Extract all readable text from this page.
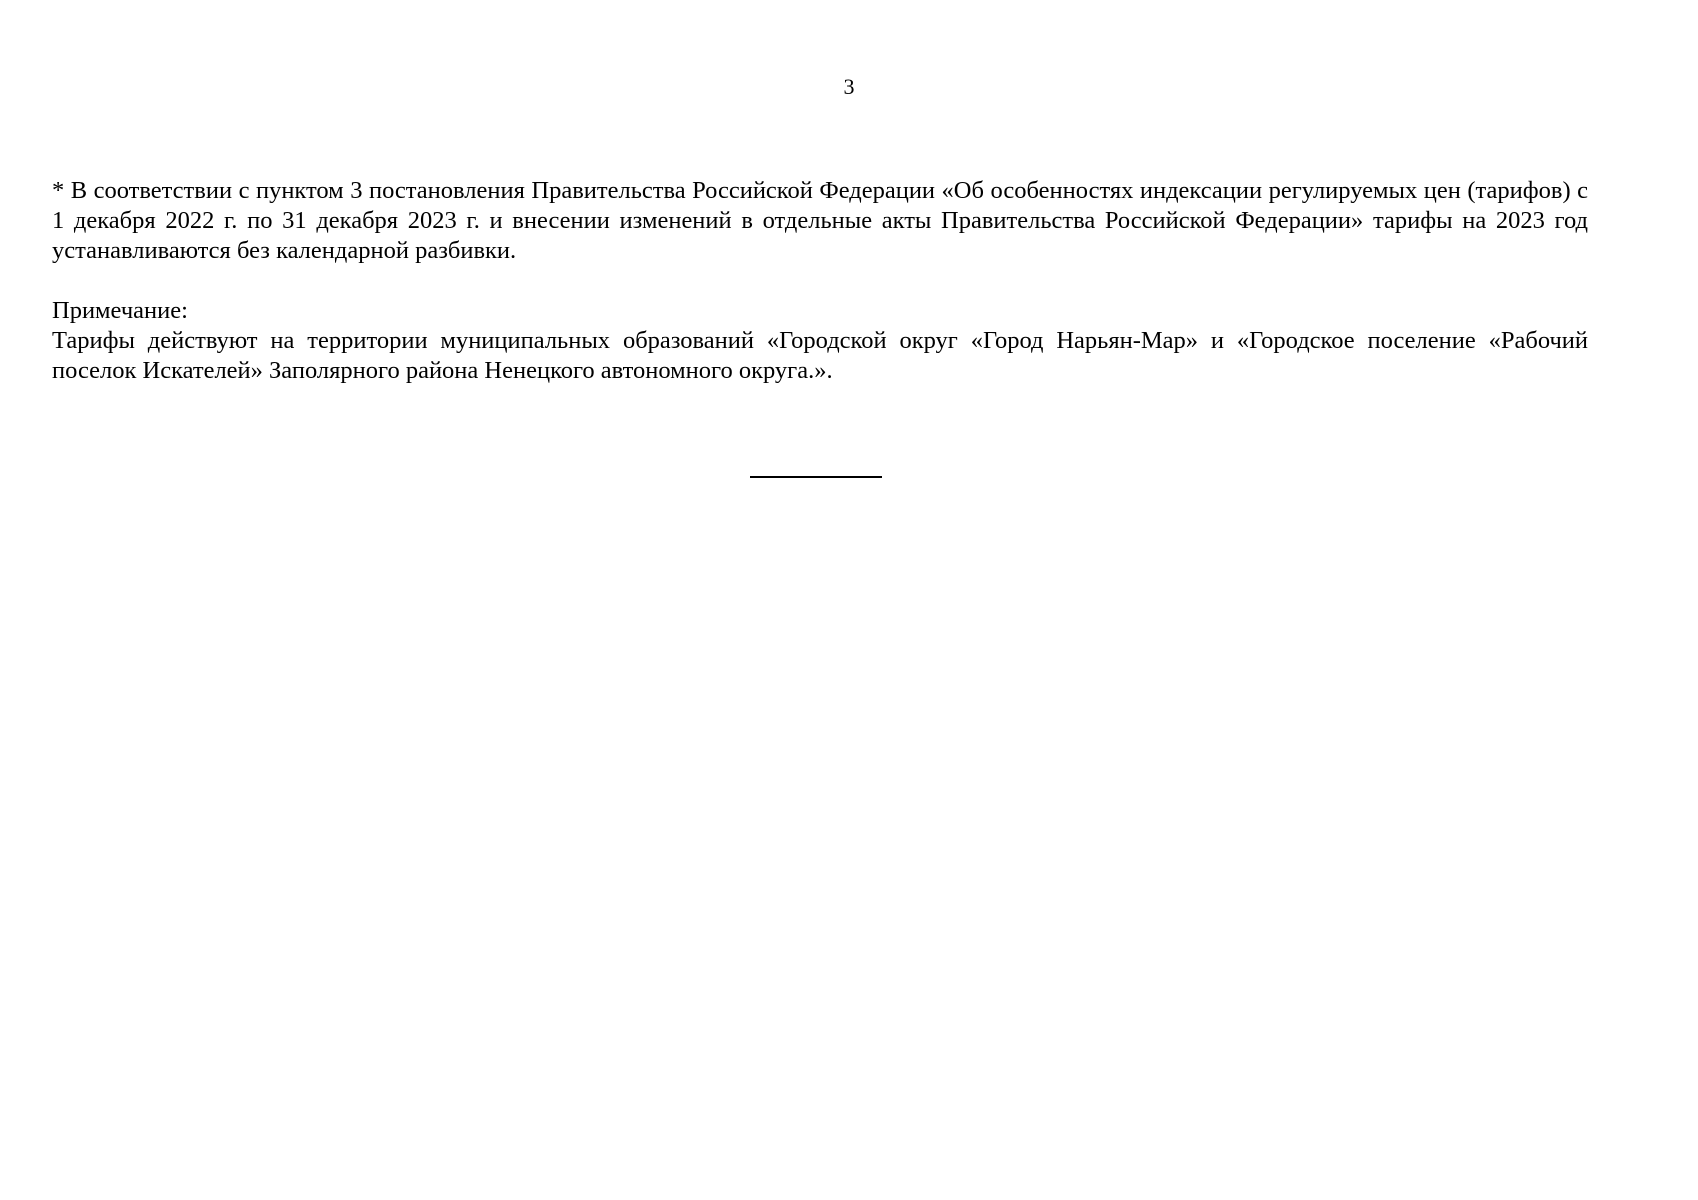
3

* В соответствии с пунктом 3 постановления Правительства Российской Федерации «Об особенностях индексации регулируемых цен (тарифов) с 1 декабря 2022 г. по 31 декабря 2023 г. и внесении изменений в отдельные акты Правительства Российской Федерации» тарифы на 2023 год устанавливаются без календарной разбивки.

Примечание:

Тарифы действуют на территории муниципальных образований «Городской округ «Город Нарьян-Мар» и «Городское поселение «Рабочий поселок Искателей» Заполярного района Ненецкого автономного округа.».
